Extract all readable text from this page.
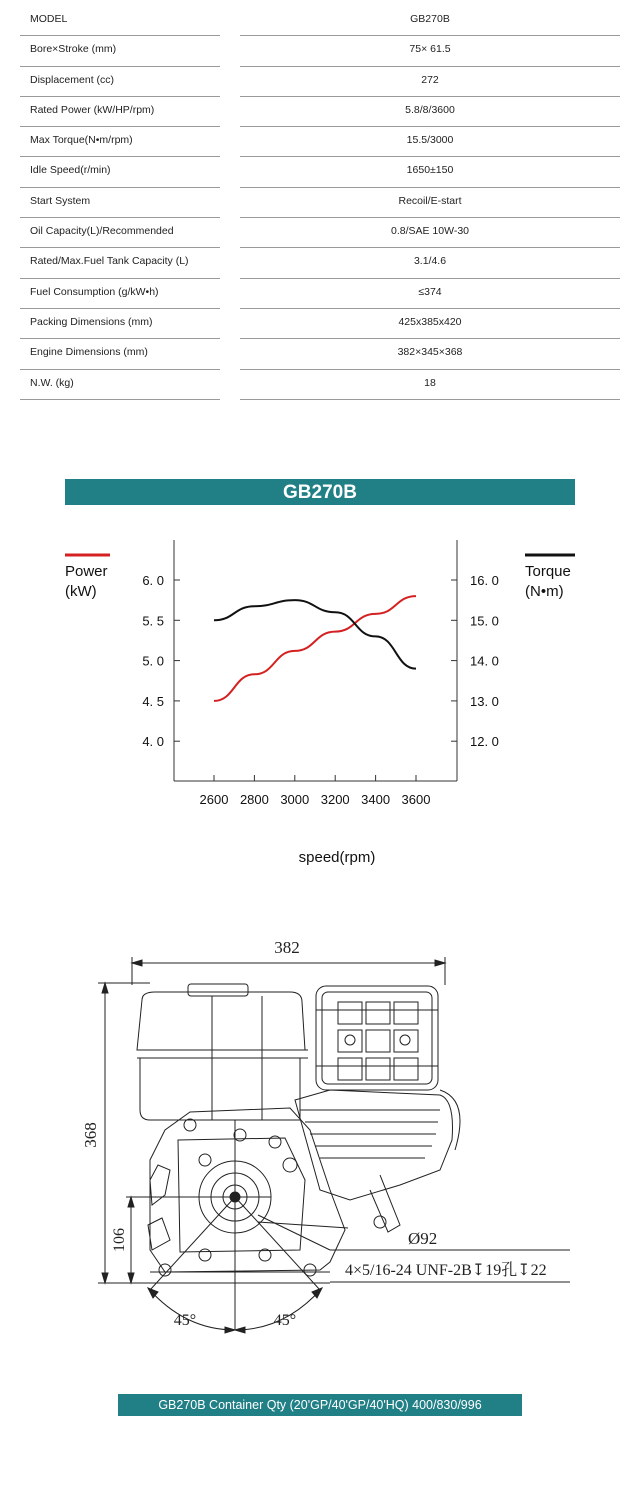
MODEL	GB270B
Bore×Stroke (mm)	75× 61.5
Displacement (cc)	272
Rated Power (kW/HP/rpm)	5.8/8/3600
Max Torque(N•m/rpm)	15.5/3000
Idle Speed(r/min)	1650±150
Start System	Recoil/E-start
Oil Capacity(L)/Recommended	0.8/SAE 10W-30
Rated/Max.Fuel Tank Capacity (L)	3.1/4.6
Fuel Consumption (g/kW•h)	≤374
Packing Dimensions (mm)	425x385x420
Engine Dimensions (mm)	382×345×368
N.W. (kg)	18
GB270B
Power
(kW)
Torque
(N•m)
6. 0
5. 5
5. 0
4. 5
4. 0
16. 0
15. 0
14. 0
13. 0
12. 0
2600 2800 3000 3200 3400 3600
speed(rpm)
382
368
106	Ø92
4×5/16-24 UNF-2B↧19孔↧22
45°	45°
GB270B Container Qty (20'GP/40'GP/40'HQ) 400/830/996
